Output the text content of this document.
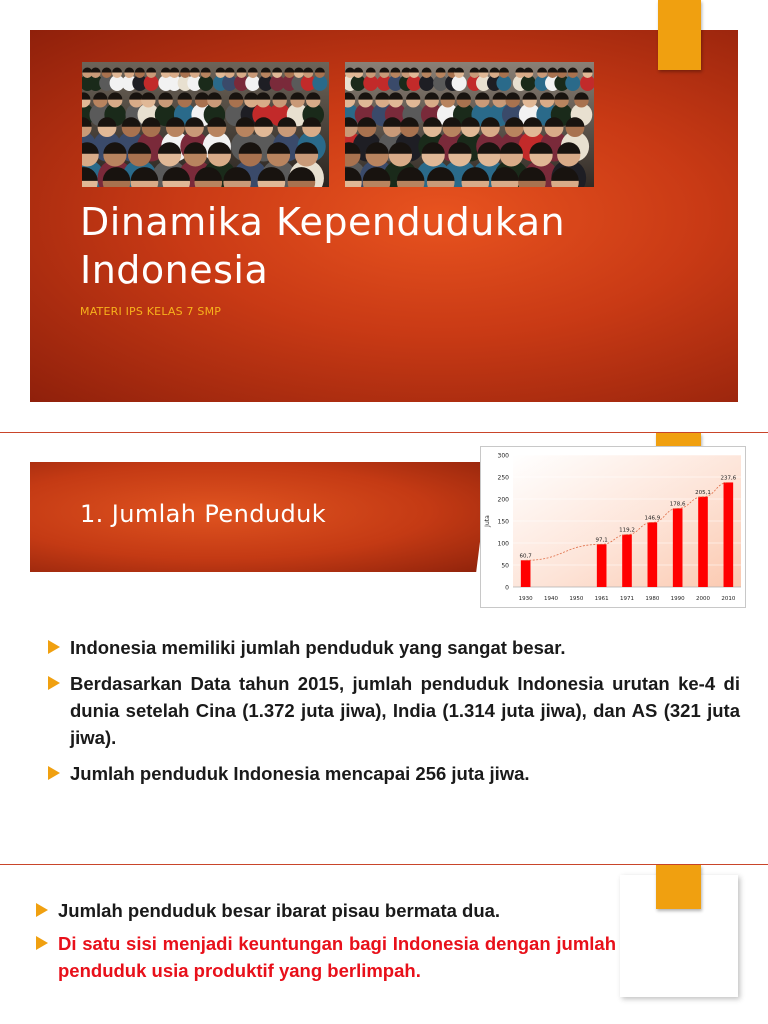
Dinamika Kependudukan
Indonesia
MATERI IPS KELAS 7 SMP
1. Jumlah Penduduk
0
50
100
150
200
250
300
Juta
1930
60,7
1940 1950 1961
97,1
1971
119,2
1980
146,9
1990
178,6
2000
205,1
2010
237,6
Indonesia memiliki jumlah penduduk yang sangat besar.
Berdasarkan Data tahun 2015, jumlah penduduk Indonesia urutan ke-4 di dunia setelah Cina (1.372 juta jiwa), India (1.314 juta jiwa), dan AS (321 juta jiwa).
Jumlah penduduk Indonesia mencapai 256 juta jiwa.
Jumlah penduduk besar ibarat pisau bermata dua.
Di satu sisi menjadi keuntungan bagi Indonesia dengan jumlah penduduk usia produktif yang berlimpah.
